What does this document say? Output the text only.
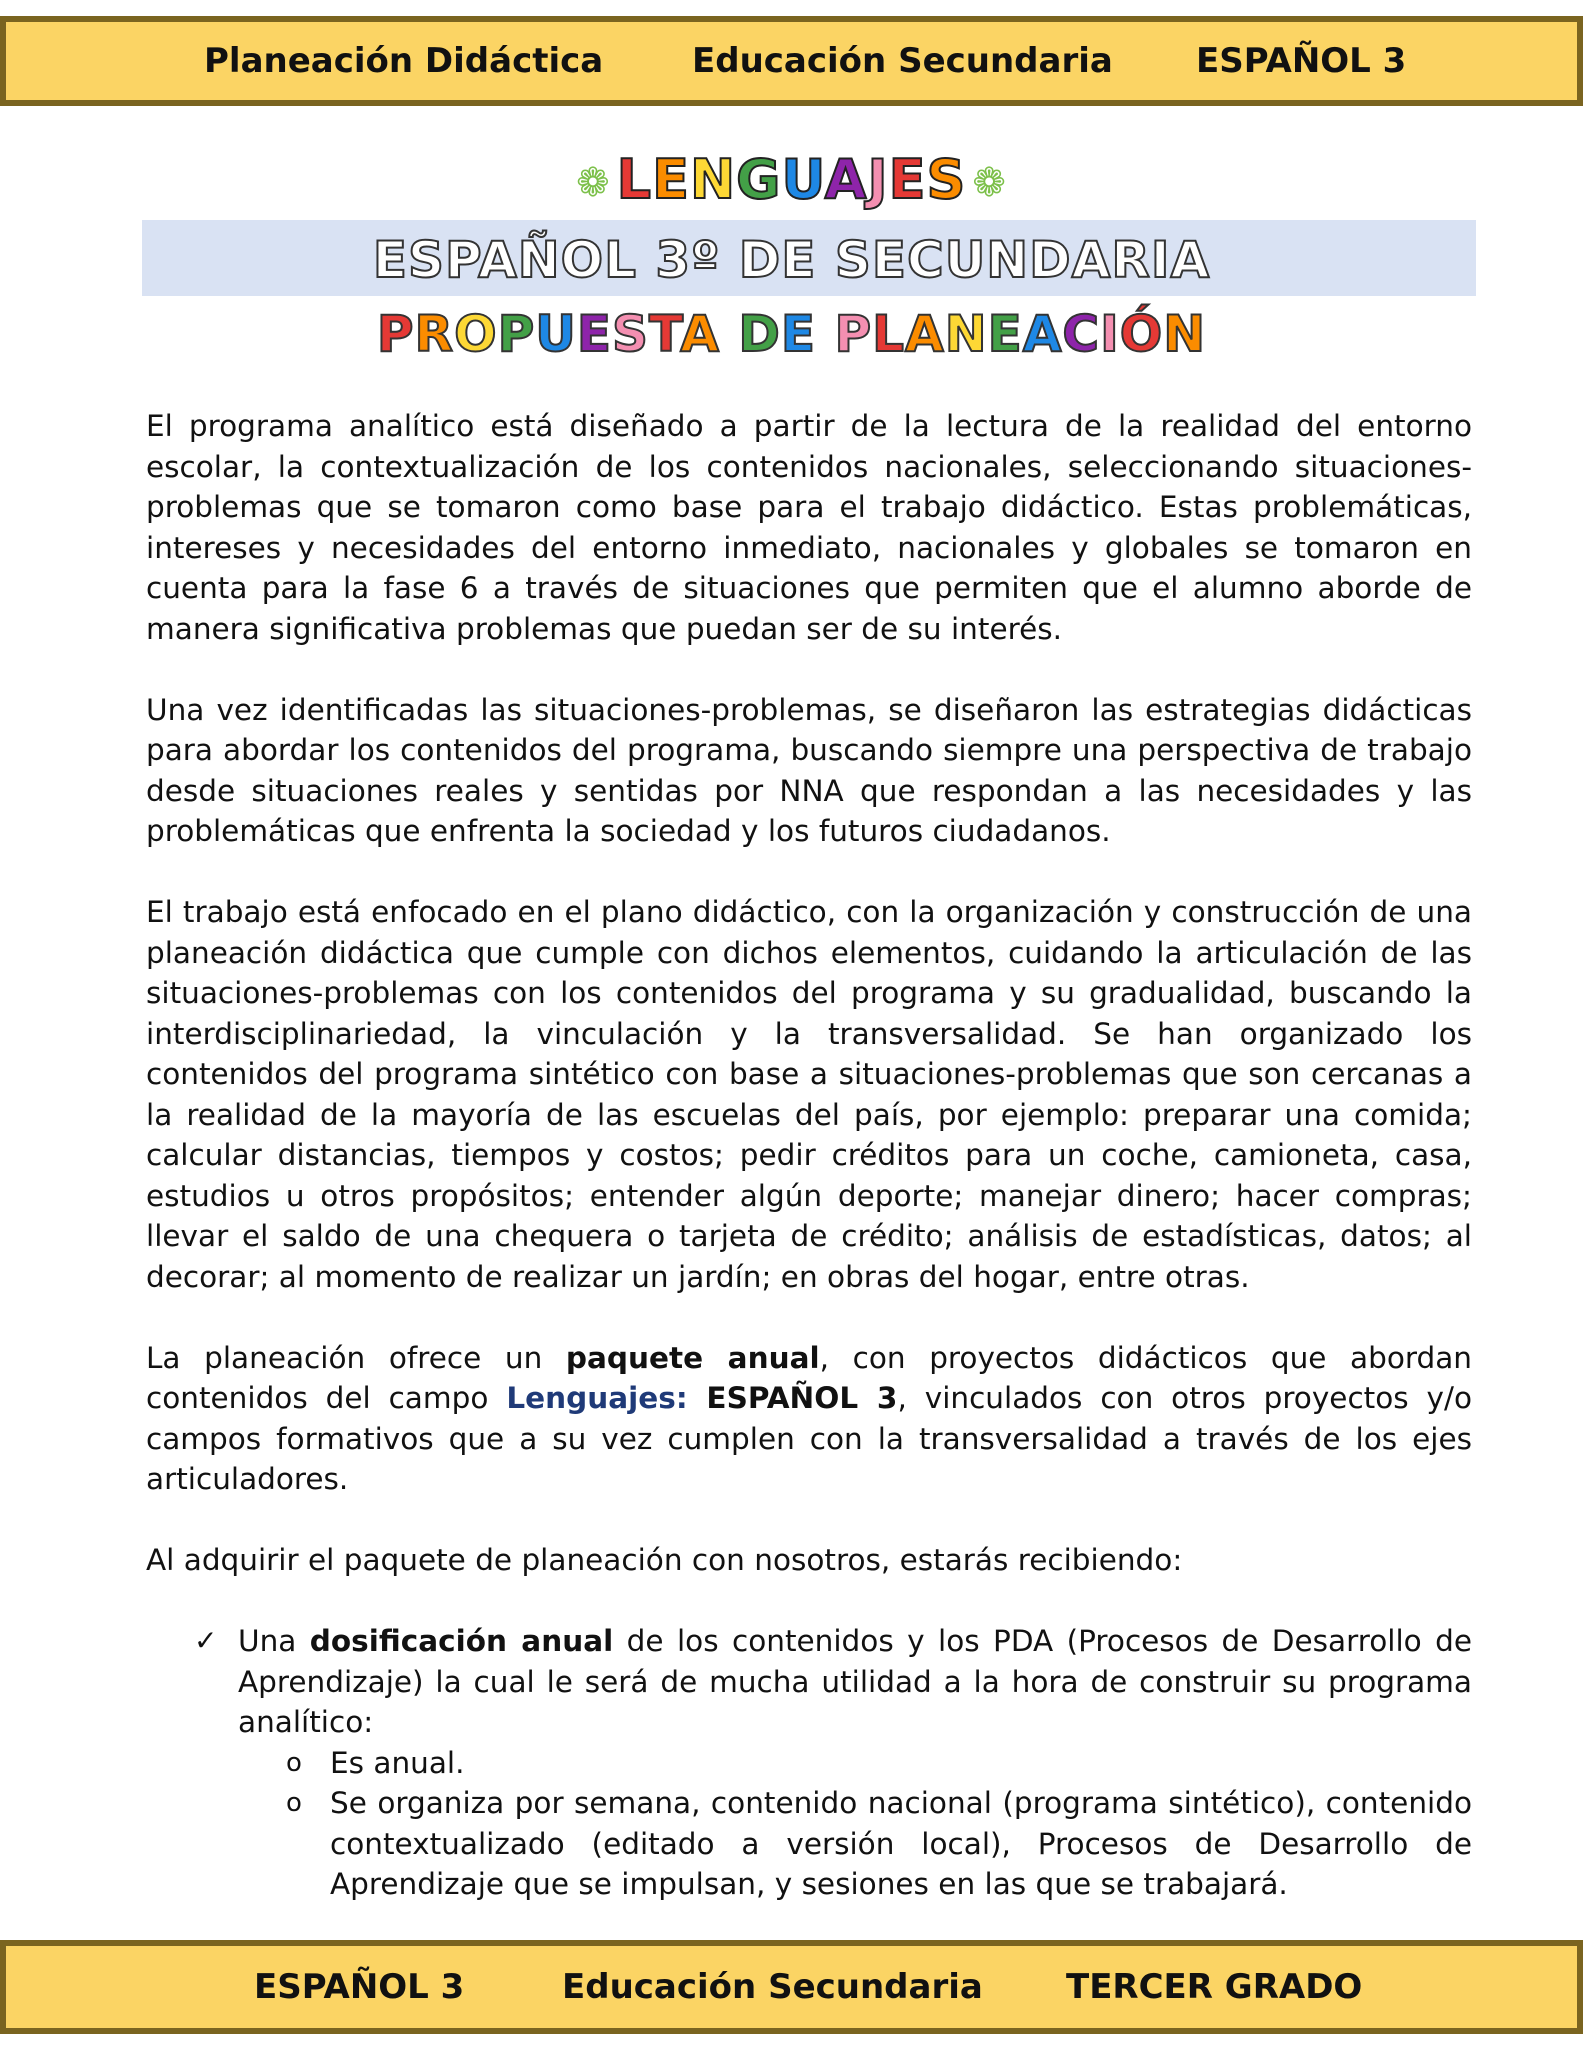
Planeación Didáctica	Educación Secundaria ESPAÑOL 3
❁ LENGUAJES ❁
ESPAÑOL 3º DE SECUNDARIA
PROPUESTA DE PLANEACIÓN

El programa analítico está diseñado a partir de la lectura de la realidad del entorno escolar, la contextualización de los contenidos nacionales, seleccionando situaciones-problemas que se tomaron como base para el trabajo didáctico. Estas problemáticas, intereses y necesidades del entorno inmediato, nacionales y globales se tomaron en cuenta para la fase 6 a través de situaciones que permiten que el alumno aborde de manera significativa problemas que puedan ser de su interés.

Una vez identificadas las situaciones-problemas, se diseñaron las estrategias didácticas para abordar los contenidos del programa, buscando siempre una perspectiva de trabajo desde situaciones reales y sentidas por NNA que respondan a las necesidades y las problemáticas que enfrenta la sociedad y los futuros ciudadanos.

El trabajo está enfocado en el plano didáctico, con la organización y construcción de una planeación didáctica que cumple con dichos elementos, cuidando la articulación de las situaciones-problemas con los contenidos del programa y su gradualidad, buscando la interdisciplinariedad, la vinculación y la transversalidad. Se han organizado los contenidos del programa sintético con base a situaciones-problemas que son cercanas a la realidad de la mayoría de las escuelas del país, por ejemplo: preparar una comida; calcular distancias, tiempos y costos; pedir créditos para un coche, camioneta, casa, estudios u otros propósitos; entender algún deporte; manejar dinero; hacer compras; llevar el saldo de una chequera o tarjeta de crédito; análisis de estadísticas, datos; al decorar; al momento de realizar un jardín; en obras del hogar, entre otras.

La planeación ofrece un paquete anual, con proyectos didácticos que abordan contenidos del campo Lenguajes: ESPAÑOL 3, vinculados con otros proyectos y/o campos formativos que a su vez cumplen con la transversalidad a través de los ejes articuladores.

Al adquirir el paquete de planeación con nosotros, estarás recibiendo:

✓ Una dosificación anual de los contenidos y los PDA (Procesos de Desarrollo de Aprendizaje) la cual le será de mucha utilidad a la hora de construir su programa analítico:
o Es anual.
o Se organiza por semana, contenido nacional (programa sintético), contenido contextualizado (editado a versión local), Procesos de Desarrollo de Aprendizaje que se impulsan, y sesiones en las que se trabajará.
ESPAÑOL 3	Educación Secundaria TERCER GRADO
